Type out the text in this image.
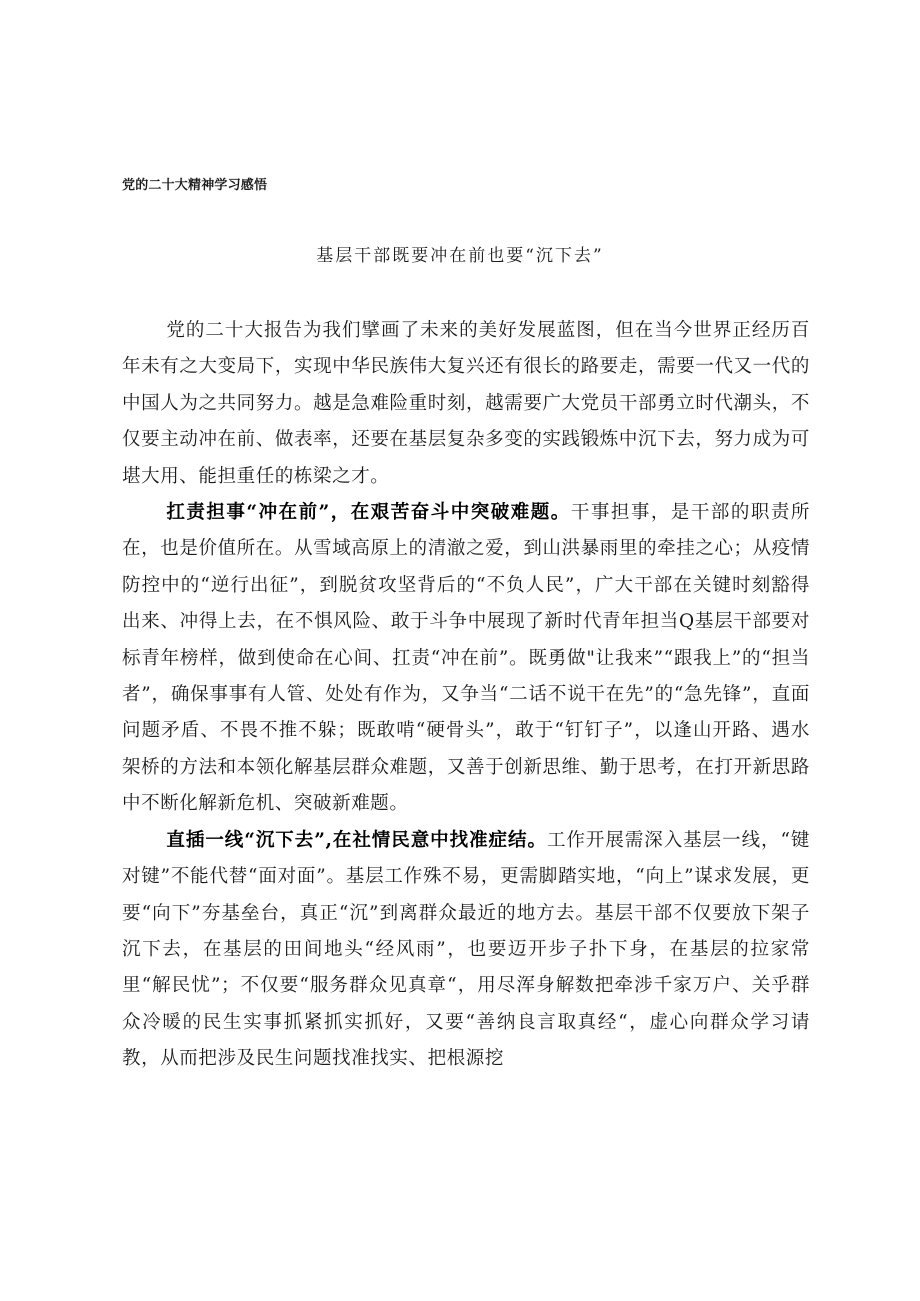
党的二十大精神学习感悟
基层干部既要冲在前也要“沉下去”

党的二十大报告为我们擘画了未来的美好发展蓝图，但在当今世界正经历百年未有之大变局下，实现中华民族伟大复兴还有很长的路要走，需要一代又一代的中国人为之共同努力。越是急难险重时刻，越需要广大党员干部勇立时代潮头，不仅要主动冲在前、做表率，还要在基层复杂多变的实践锻炼中沉下去，努力成为可堪大用、能担重任的栋梁之才。

扛责担事“冲在前”，在艰苦奋斗中突破难题。干事担事，是干部的职责所在，也是价值所在。从雪域高原上的清澈之爱，到山洪暴雨里的牵挂之心；从疫情防控中的“逆行出征”，到脱贫攻坚背后的“不负人民”，广大干部在关键时刻豁得出来、冲得上去，在不惧风险、敢于斗争中展现了新时代青年担当Q基层干部要对标青年榜样，做到使命在心间、扛责“冲在前”。既勇做"让我来”“跟我上”的“担当者”，确保事事有人管、处处有作为，又争当“二话不说干在先”的“急先锋”，直面问题矛盾、不畏不推不躲；既敢啃“硬骨头”，敢于“钉钉子”，以逢山开路、遇水架桥的方法和本领化解基层群众难题，又善于创新思维、勤于思考，在打开新思路中不断化解新危机、突破新难题。

直插一线“沉下去”,在社情民意中找准症结。工作开展需深入基层一线，“键对键”不能代替“面对面”。基层工作殊不易，更需脚踏实地，“向上”谋求发展，更要“向下”夯基垒台，真正“沉”到离群众最近的地方去。基层干部不仅要放下架子沉下去，在基层的田间地头“经风雨”，也要迈开步子扑下身，在基层的拉家常里“解民忧”；不仅要“服务群众见真章“，用尽浑身解数把牵涉千家万户、关乎群众冷暖的民生实事抓紧抓实抓好，又要“善纳良言取真经“，虚心向群众学习请教，从而把涉及民生问题找准找实、把根源挖
